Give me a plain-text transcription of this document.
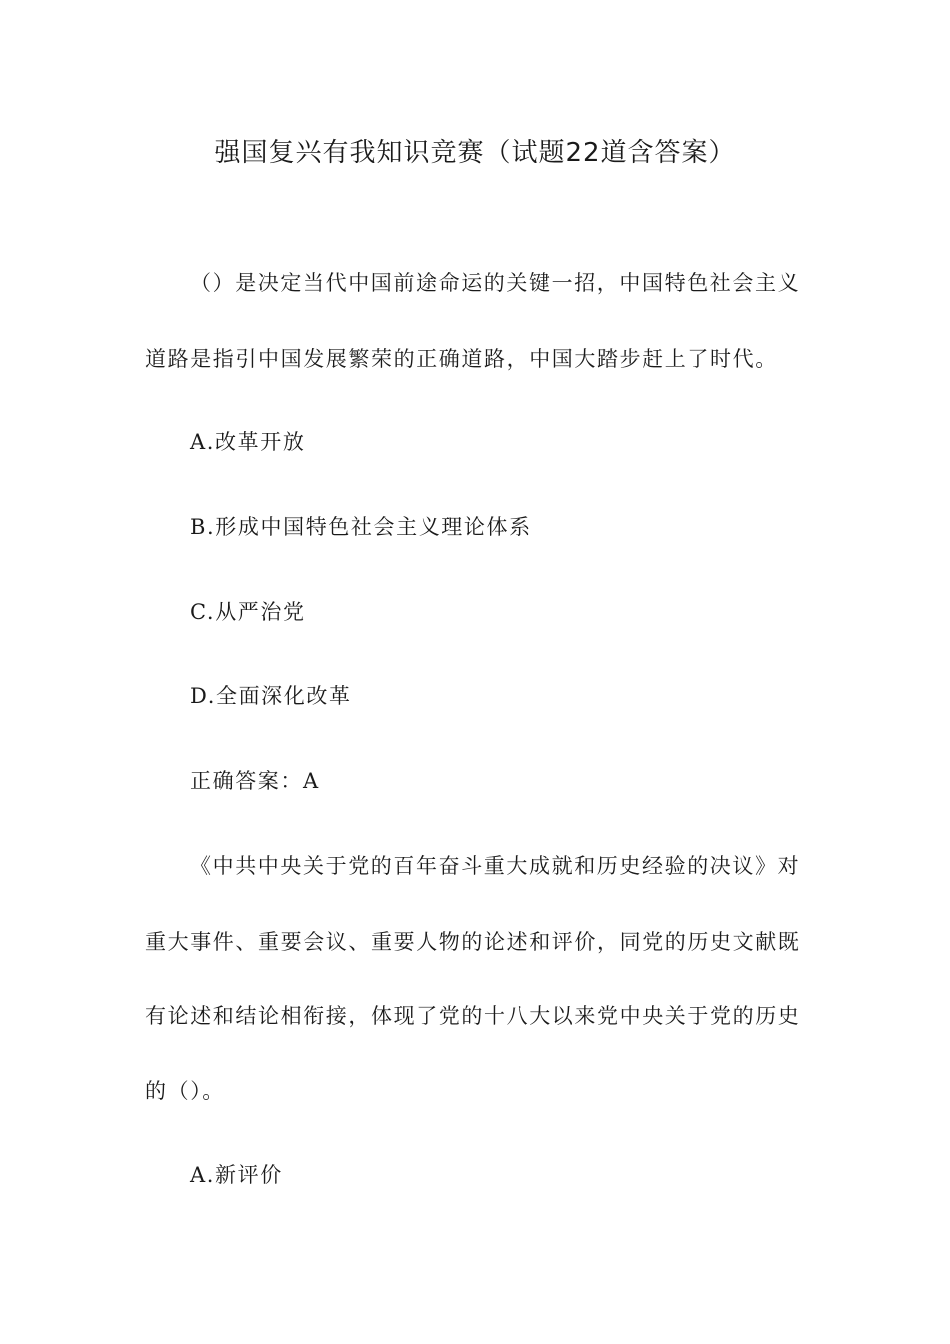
强国复兴有我知识竞赛（试题22道含答案）

（）是决定当代中国前途命运的关键一招，中国特色社会主义

道路是指引中国发展繁荣的正确道路，中国大踏步赶上了时代。

A.改革开放

B.形成中国特色社会主义理论体系

C.从严治党

D.全面深化改革

正确答案：A

《中共中央关于党的百年奋斗重大成就和历史经验的决议》对

重大事件、重要会议、重要人物的论述和评价，同党的历史文献既

有论述和结论相衔接，体现了党的十八大以来党中央关于党的历史

的（）。

A.新评价
